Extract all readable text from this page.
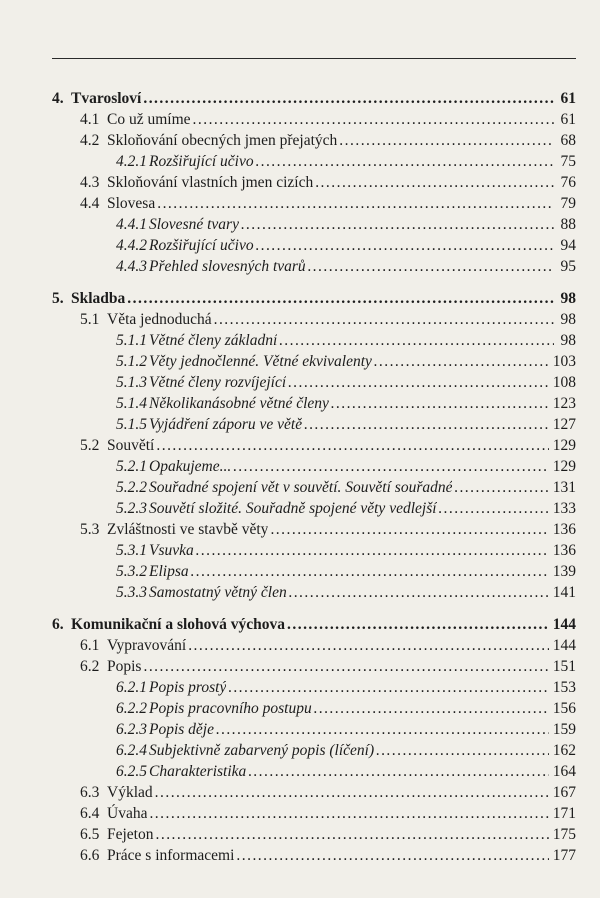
4. Tvarosloví . . .	61
4.1 Co už umíme . . .	61
4.2 Skloňování obecných jmen přejatých . . .	68
4.2.1 Rozšiřující učivo . . .	75
4.3 Skloňování vlastních jmen cizích . . .	76
4.4 Slovesa . . .	79
4.4.1 Slovesné tvary . . .	88
4.4.2 Rozšiřující učivo . . .	94
4.4.3 Přehled slovesných tvarů . . .	95
5. Skladba . . .	98
5.1 Věta jednoduchá . . .	98
5.1.1 Větné členy základní . . .	98
5.1.2 Věty jednočlenné. Větné ekvivalenty . . .	103
5.1.3 Větné členy rozvíjející . . .	108
5.1.4 Několikanásobné větné členy . . .	123
5.1.5 Vyjádření záporu ve větě . . .	127
5.2 Souvětí . . .	129
5.2.1 Opakujeme... . . .	129
5.2.2 Souřadné spojení vět v souvětí. Souvětí souřadné . . .	131
5.2.3 Souvětí složité. Souřadně spojené věty vedlejší . . .	133
5.3 Zvláštnosti ve stavbě věty . . .	136
5.3.1 Vsuvka . . .	136
5.3.2 Elipsa . . .	139
5.3.3 Samostatný větný člen . . .	141
6. Komunikační a slohová výchova . . .	144
6.1 Vypravování . . .	144
6.2 Popis . . .	151
6.2.1 Popis prostý . . .	153
6.2.2 Popis pracovního postupu . . .	156
6.2.3 Popis děje . . .	159
6.2.4 Subjektivně zabarvený popis (líčení) . . .	162
6.2.5 Charakteristika . . .	164
6.3 Výklad . . .	167
6.4 Úvaha . . .	171
6.5 Fejeton . . .	175
6.6 Práce s informacemi . . .	177
